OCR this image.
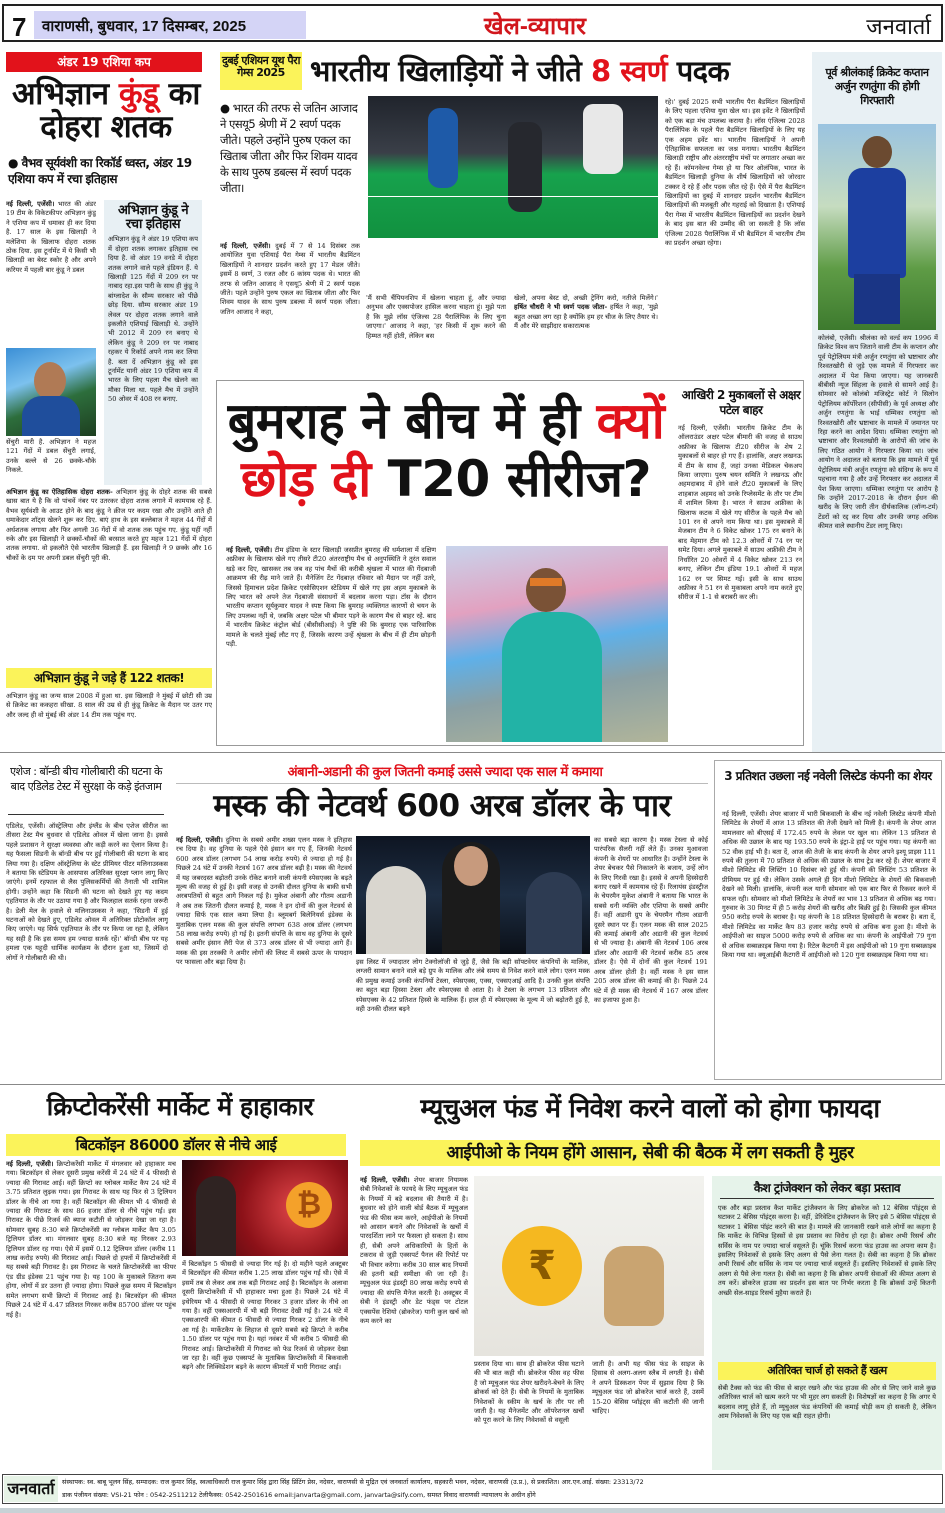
7	वाराणसी, बुधवार, 17 दिसम्बर, 2025	खेल-व्यापार	जनवार्ता
अंडर 19 एशिया कप
अभिज्ञान कुंडू का दोहरा शतक
● वैभव सूर्यवंशी का रिकॉर्ड ध्वस्त, अंडर 19 एशिया कप में रचा इतिहास
नई दिल्ली, एजेंसी। भारत की अंडर 19 टीम के विकेटकीपर अभिज्ञान कुंडू ने एशिया कप में धमाका ही कर दिया है. 17 साल के इस खिलाड़ी ने मलेशिया के खिलाफ दोहरा शतक ठोक दिया. इस टूर्नामेंट में ये किसी भी खिलाड़ी का बेस्ट स्कोर है और अपने करियर में पहली बार कुंडू ने डबल
सेंचुरी मारी है. अभिज्ञान ने महज 121 गेंदों में डबल सेंचुरी लगाई, उनके बल्ले से 26 छक्के-चौके निकले.
अभिज्ञान कुंडू का ऐतिहासिक दोहरा शतक- अभिज्ञान कुंडू के दोहरे शतक की सबसे खास बात ये है कि वो पांचवें नंबर पर उतरकर दोहरा शतक लगाने में कामयाब रहे हैं. वैभव सूर्यवंशी के आउट होने के बाद कुंडू ने क्रीज पर कदम रखा और उन्होंने आते ही धमाकेदार शॉट्स खेलने शुरू कर दिए. बाएं हाथ के इस बल्लेबाज ने महज 44 गेंदों में अर्धशतक लगाया और फिर अगली 36 गेंदों में वो शतक तक पहुंच गए. कुंडू यहीं नहीं रुके और इस खिलाड़ी ने छक्कों-चौकों की बरसात करते हुए महज 121 गेंदों में दोहरा शतक लगाया. वो इकलौते ऐसे भारतीय खिलाड़ी हैं. इस खिलाड़ी ने 9 छक्के और 16 चौकों के दम पर अपनी डबल सेंचुरी पूरी की.
अभिज्ञान कुंडू ने रचा इतिहास
अभिज्ञान कुंडू ने अंडर 19 एशिया कप में दोहरा शतक लगाकर इतिहास रच दिया है. वो अंडर 19 वनडे में दोहरा शतक लगाने वाले पहले इंडियन हैं. ये खिलाड़ी 125 गेंदों में 209 रन पर नाबाद रहा.इस पारी के साथ ही कुंडू ने बांग्लादेश के सौम्य सरकार को पीछे छोड़ दिया. सौम्य सरकार अंडर 19 लेवल पर दोहरा शतक लगाने वाले इकलौते एशियाई खिलाड़ी थे. उन्होंने भी 2012 में 209 रन बनाए थे लेकिन कुंडू ने 209 रन पर नाबाद रहकर ये रिकॉर्ड अपने नाम कर लिया है. बता दें अभिज्ञान कुंडू को इस टूर्नामेंट यानी अंडर 19 एशिया कप में भारत के लिए पहला मैच खेलने का मौका मिला था. पहले मैच में उन्होंने 50 ओवर में 408 रन बनाए.
अभिज्ञान कुंडू ने जड़े हैं 122 शतक!
अभिज्ञान कुंडू का जन्म साल 2008 में हुआ था. इस खिलाड़ी ने मुंबई में छोटी सी उम्र से क्रिकेट का ककहरा सीखा. 8 साल की उम्र से ही कुंडू क्रिकेट के मैदान पर उतर गए और जल्द ही वो मुंबई की अंडर 14 टीम तक पहुंच गए.
दुबई एशियन यूथ पैरा गेम्स 2025 भारतीय खिलाड़ियों ने जीते 8 स्वर्ण पदक
● भारत की तरफ से जतिन आजाद ने एसयू5 श्रेणी में 2 स्वर्ण पदक जीते। पहले उन्होंने पुरुष एकल का खिताब जीता और फिर शिवम यादव के साथ पुरुष डबल्स में स्वर्ण पदक जीता।
नई दिल्ली, एजेंसी। दुबई में 7 से 14 दिसंबर तक आयोजित युवा एशियाई पैरा गेम्स में भारतीय बैडमिंटन खिलाड़ियों ने शानदार प्रदर्शन करते हुए 17 मेडल जीते। इसमें 8 स्वर्ण, 3 रजत और 6 कांस्य पदक थे। भारत की तरफ से जतिन आजाद ने एसयू5 श्रेणी में 2 स्वर्ण पदक जीते। पहले उन्होंने पुरुष एकल का खिताब जीता और फिर शिवम यादव के साथ पुरुष डबल्स में स्वर्ण पदक जीता। जतिन आजाद ने कहा,
'मैं सभी चैंपियनशिप में खेलना चाहता हूं, और ज्यादा अनुभव और एक्सपोजर हासिल करना चाहता हूं। मुझे पता है कि मुझे लॉस एंजिल्स 28 पैरालिंपिक के लिए चुना जाएगा।' आजाद ने कहा, 'हर किसी में शुरू करने की हिम्मत नहीं होती, लेकिन बस
खेलो, अपना बेस्ट दो, अच्छी ट्रेनिंग करो, नतीजे मिलेंगे।' हर्षित चौधरी ने भी स्वर्ण पदक जीता- हर्षित ने कहा, 'मुझे बहुत अच्छा लग रहा है क्योंकि हम हर चीज के लिए तैयार थे। मैं और मेरे साझीदार सकारात्मक
रहे।' दुबई 2025 सभी भारतीय पैरा बैडमिंटन खिलाड़ियों के लिए पहला एशिया युवा खेल था। इस इवेंट ने खिलाड़ियों को एक बड़ा मंच उपलब्ध कराया है। लॉस एंजिल्स 2028 पैरालिंपिक के पहले पैरा बैडमिंटन खिलाड़ियों के लिए यह एक अहम इवेंट था। भारतीय खिलाड़ियों ने अपनी ऐतिहासिक सफलता का जश्न मनाया। भारतीय बैडमिंटन खिलाड़ी राष्ट्रीय और अंतरराष्ट्रीय मंचों पर लगातार अच्छा कर रहे हैं। कॉमनवेल्थ गेम्स हो या फिर ओलंपिक, भारत के बैडमिंटन खिलाड़ी दुनिया के शीर्ष खिलाड़ियों को जोरदार टक्कर दे रहे हैं और पदक जीत रहे हैं। ऐसे में पैरा बैडमिंटन खिलाड़ियों का दुबई में शानदार प्रदर्शन भारतीय बैडमिंटन खिलाड़ियों की मजबूती और गहराई को दिखाता है। एशियाई पैरा गेम्स में भारतीय बैडमिंटन खिलाड़ियों का प्रदर्शन देखने के बाद इस बात की उम्मीद की जा सकती है कि लॉस एंजिल्स 2028 पैरालिंपिक में भी बैडमिंटन में भारतीय टीम का प्रदर्शन अच्छा रहेगा।
पूर्व श्रीलंकाई क्रिकेट कप्तान अर्जुन रणतुंगा की होगी गिरफ्तारी
कोलंबो, एजेंसी। श्रीलंका को वर्ल्ड कप 1996 में क्रिकेट विश्व कप जिताने वाली टीम के कप्तान और पूर्व पेट्रोलियम मंत्री अर्जुन रणतुंगा को भ्रष्टाचार और रिश्वतखोरी से जुड़े एक मामले में गिरफ्तार कर अदालत में पेश किया जाएगा। यह जानकारी बीबीसी न्यूज सिंहला के हवाले से सामने आई है। सोमवार को कोलंबो मजिस्ट्रेट कोर्ट ने सिलोन पेट्रोलियम कॉर्पोरेशन (सीपीसी) के पूर्व अध्यक्ष और अर्जुन रणतुंगा के भाई धम्मिका रणतुंगा को रिश्वतखोरी और भ्रष्टाचार के मामले में जमानत पर रिहा करने का आदेश दिया। धम्मिका रणतुंगा को भ्रष्टाचार और रिश्वतखोरी के आरोपों की जांच के लिए गठित आयोग ने गिरफ्तार किया था। जांच आयोग ने अदालत को बताया कि इस मामले में पूर्व पेट्रोलियम मंत्री अर्जुन रणतुंगा को संदिग्ध के रूप में पहचाना गया है और उन्हें गिरफ्तार कर अदालत में पेश किया जाएगा। धम्मिका रणतुंगा पर आरोप है कि उन्होंने 2017-2018 के दौरान ईंधन की खरीद के लिए जारी तीन दीर्घकालिक (लॉन्ग-टर्म) टेंडरों को रद्द कर दिया और उनकी जगह अधिक कीमत वाले स्थानीय टेंडर लागू किए।
बुमराह ने बीच में ही क्यों
छोड़ दी T20 सीरीज?
नई दिल्ली, एजेंसी। टीम इंडिया के स्टार खिलाड़ी जसप्रीत बुमराह की धर्मशाला में दक्षिण अफ्रीका के खिलाफ खेले गए तीसरे टी20 अंतरराष्ट्रीय मैच से अनुपस्थिति ने तुरंत सवाल खड़े कर दिए, खासकर तब जब वह पांच मैचों की करीबी श्रृंखला में भारत की गेंदबाजी आक्रमण की रीढ़ माने जाते हैं। मैनेजिंग टेंट गेंदबाज़ रविवार को मैदान पर नहीं उतरे, जिससे हिमाचल प्रदेश क्रिकेट एसोसिएशन स्टेडियम में खेले गए इस अहम मुकाबले के लिए भारत को अपने तेज गेंदबाजी संसाधनों में बदलाव करना पड़ा। टॉस के दौरान भारतीय कप्तान सूर्यकुमार यादव ने स्पष्ट किया कि बुमराह व्यक्तिगत कारणों से चयन के लिए उपलब्ध नहीं थे, जबकि अक्षर पटेल भी बीमार पड़ने के कारण मैच से बाहर रहे. बाद में भारतीय क्रिकेट कंट्रोल बोर्ड (बीसीसीआई) ने पुष्टि की कि बुमराह एक पारिवारिक मामले के चलते मुंबई लौट गए हैं, जिसके कारण उन्हें श्रृंखला के बीच में ही टीम छोड़नी पड़ी.
आखिरी 2 मुकाबलों से अक्षर पटेल बाहर
नई दिल्ली, एजेंसी। भारतीय क्रिकेट टीम के ऑलराउंडर अक्षर पटेल बीमारी की वजह से साउथ अफ्रीका के खिलाफ टी20 सीरीज के शेष 2 मुकाबलों से बाहर हो गए हैं। हालांकि, अक्षर लखनऊ में टीम के साथ हैं, जहां उनका मेडिकल चेकअप किया जाएगा। पुरुष चयन समिति ने लखनऊ और अहमदाबाद में होने वाले टी20 मुकाबलों के लिए शाहबाज अहमद को उनके रिप्लेसमेंट के तौर पर टीम में शामिल किया है। भारत ने साउथ अफ्रीका के खिलाफ कटक में खेले गए सीरीज के पहले मैच को 101 रन से अपने नाम किया था। इस मुकाबले में मेजबान टीम ने 6 विकेट खोकर 175 रन बनाने के बाद मेहमान टीम को 12.3 ओवरों में 74 रन पर समेट दिया। अगले मुकाबले में साउथ अफ्रीकी टीम ने निर्धारित 20 ओवरों में 4 विकेट खोकर 213 रन बनाए, लेकिन टीम इंडिया 19.1 ओवरों में महज 162 रन पर सिमट गई। इसी के साथ साउथ अफ्रीका ने 51 रन से मुकाबला अपने नाम करते हुए सीरीज में 1-1 से बराबरी कर ली।
एशेज : बॉन्डी बीच गोलीबारी की घटना के बाद एडिलेड टेस्ट में सुरक्षा के कड़े इंतजाम
एडिलेड, एजेंसी। ऑस्ट्रेलिया और इंग्लैंड के बीच एशेज सीरीज का तीसरा टेस्ट मैच बुधवार से एडिलेड ओवल में खेला जाना है। इससे पहले प्रशासन ने सुरक्षा व्यवस्था और कड़ी करने का ऐलान किया है। यह फैसला सिडनी के बॉन्डी बीच पर हुई गोलीबारी की घटना के बाद लिया गया है। दक्षिण ऑस्ट्रेलिया के स्टेट प्रीमियर पीटर मलिनाउस्कस ने बताया कि स्टेडियम के आसपास अतिरिक्त सुरक्षा प्लान लागू किए जाएंगे। इनमें रहफाल से लैस पुलिसकर्मियों की तैनाती भी शामिल होगी। उन्होंने कहा कि सिडनी की घटना को देखते हुए यह कदम एहतियात के तौर पर उठाया गया है और फिलहाल सतर्क रहना जरूरी है। डेली मेल के हवाले से मलिनाउस्कस ने कहा, 'सिडनी में हुई घटनाओं को देखते हुए, एडिलेड ओवल में अतिरिक्त प्रोटोकॉल लागू किए जाएंगे। यह सिर्फ एहतियात के तौर पर किया जा रहा है, लेकिन यह सही है कि इस समय हम ज्यादा सतर्क रहें।' बॉन्डी बीच पर यह हमला एक यहूदी धार्मिक कार्यक्रम के दौरान हुआ था, जिसमें दो लोगों ने गोलीबारी की थी।
अंबानी-अडानी की कुल जितनी कमाई उससे ज्यादा एक साल में कमाया
मस्क की नेटवर्थ 600 अरब डॉलर के पार
नई दिल्ली, एजेंसी। दुनिया के सबसे अमीर शख्स एलन मस्क ने इतिहास रच दिया है। वह दुनिया के पहले ऐसे इंसान बन गए हैं, जिनकी नेटवर्थ 600 अरब डॉलर (लगभग 54 लाख करोड़ रुपये) से ज्यादा हो गई है। पिछले 24 घंटे में उनकी नेटवर्थ 167 अरब डॉलर बढ़ी है। मस्क की नेटवर्थ में यह जबरदस्त बढ़ोतरी उनके रॉकेट बनाने वाली कंपनी स्पेसएक्स के बढ़ते मूल्य की वजह से हुई है। इसी वजह से उनकी दौलत दुनिया के बाकी सभी अरबपतियों से बहुत आगे निकल गई है। मुकेश अंबानी और गौतम अडानी ने अब तक जितनी दौलत कमाई है, मस्क ने इन दोनों की कुल नेटवर्थ से ज्यादा सिर्फ एक साल कमा लिया है। ब्लूमबर्ग बिलेनियर्स इंडेक्स के मुताबिक एलन मस्क की कुल संपत्ति लगभग 638 अरब डॉलर (लगभग 58 लाख करोड़ रुपये) हो गई है। इतनी संपत्ति के साथ वह दुनिया के दूसरे सबसे अमीर इंसान लैरी पेज से 373 अरब डॉलर से भी ज्यादा आगे हैं। मस्क की इस तरक्की ने अमीर लोगों की लिस्ट में सबसे ऊपर के पायदान पर फासला और बढ़ा दिया है।	इस लिस्ट में ज्यादातर लोग टेक्नोलॉजी से जुड़े हैं, जैसे कि बड़ी सॉफ्टवेयर कंपनियों के मालिक, लग्जरी सामान बनाने वाले बड़े ग्रुप के मालिक और लंबे समय से निवेश करने वाले लोग। एलन मस्क की प्रमुख कमाई उनकी कंपनियों टेस्ला, स्पेसएक्स, एक्स, एक्सएआई आदि है। उनकी कुल संपत्ति का बहुत बड़ा हिस्सा टेस्ला और स्पेसएक्स से आता है। वे टेस्ला के लगभग 13 प्रतिशत और स्पेसएक्स के 42 प्रतिशत हिस्से के मालिक हैं। हाल ही में स्पेसएक्स के मूल्य में जो बढ़ोतरी हुई है, वही उनकी दौलत बढ़ने
का सबसे बड़ा कारण है। मस्क टेस्ला से कोई पारंपरिक सैलरी नहीं लेते हैं। उनका मुआवजा कंपनी के शेयरों पर आधारित है। उन्होंने टेस्ला के शेयर बेचकर पैसे निकालने के बजाय, उन्हें लोन के लिए गिरवी रखा है। इससे वे अपनी हिस्सेदारी बनाए रखने में कामयाब रहे हैं। रिलायंस इंडस्ट्रीज के चेयरमैन मुकेश अंबानी ने बताया कि भारत के सबसे धनी व्यक्ति और एशिया के सबसे अमीर हैं। वहीं अडानी ग्रुप के चेयरमैन गौतम अडानी दूसरे स्थान पर हैं। एलन मस्क की साल 2025 की कमाई अंबानी और अडानी की कुल नेटवर्थ से भी ज्यादा है। अंबानी की नेटवर्थ 106 अरब डॉलर और अडानी की नेटवर्थ करीब 85 अरब डॉलर है। ऐसे में दोनों की कुल नेटवर्थ 191 अरब डॉलर होती है। वहीं मस्क ने इस साल 205 अरब डॉलर की कमाई की है। पिछले 24 घंटे में ही मस्क की नेटवर्थ में 167 अरब डॉलर का इजाफा हुआ है।
3 प्रतिशत उछला नई नवेली लिस्टेड कंपनी का शेयर
नई दिल्ली, एजेंसी। शेयर बाजार में भारी बिकवाली के बीच नई नवेली लिस्टेड कंपनी मीशो लिमिटेड के शेयरों में आज 13 प्रतिशत की तेजी देखने को मिली है। कंपनी के शेयर आज मामलवार को बीएसई में 172.45 रुपये के लेवल पर खुल था। लेकिन 13 प्रतिशत से अधिक की उछाल के बाद यह 193.50 रुपये के इंट्रा-डे हाई पर पहुंच गया। यह कंपनी का 52 वीक हाई भी है। बता दें, आज की तेजी के बाद कंपनी के शेयर अपने इश्यू प्राइस 111 रुपये की तुलना में 70 प्रतिशत से अधिक की उछाल के साथ ट्रेड कर रहे हैं। शेयर बाजार में मीशो लिमिटेड की लिस्टिंग 10 दिसंबर को हुई थी। कंपनी की लिस्टिंग 53 प्रतिशत के प्रीमियम पर हुई थी। लेकिन उसके अगले ही दिन मीशो लिमिटेड के शेयरों की बिकवाली देखने को मिली। हालांकि, कंपनी कल यानी सोमवार को एक बार फिर से रिकवर करने में सफल रही। सोमवार को मीशो लिमिटेड के शेयरों का भाव 13 प्रतिशत से अधिक बढ़ गया। गुरुवार के 30 मिनट में ही 5 करोड़ शेयरों की खरीद और बिक्री हुई है। जिसकी कुल कीमत 950 करोड़ रुपये के बराबर है। यह कंपनी के 18 प्रतिशत हिस्सेदारी के बराबर है। बता दें, मीशो लिमिटेड का मार्केट कैप 83 हजार करोड़ रुपये से अधिक बना हुआ है। मीशो के आईपीओ का साइज 5000 करोड़ रुपये से अधिक का था। कंपनी के आईपीओ 79 गुना से अधिक सब्सक्राइब किया गया है। रिटेल कैटगरी में इस आईपीओ को 19 गुना सब्सक्राइब किया गया था। क्यूआईबी कैटगरी में आईपीओ को 120 गुना सब्सक्राइब किया गया था।
क्रिप्टोकरेंसी मार्केट में हाहाकार
बिटकॉइन 86000 डॉलर से नीचे आई
नई दिल्ली, एजेंसी। क्रिप्टोकरेंसी मार्केट में मंगलवार को हाहाकार मच गया। बिटकॉइन से लेकर दूसरी प्रमुख करेंसी में 24 घंटे में 4 फीसदी से ज्यादा की गिरावट आई। वहीं क्रिप्टो का ग्लोबल मार्केट कैप 24 घंटे में 3.75 प्रतिशत लुढ़क गया। इस गिरावट के साथ यह फिर से 3 ट्रिलियन डॉलर के नीचे आ गया है। वहीं बिटकॉइन की कीमत भी 4 फीसदी से ज्यादा की गिरावट के साथ 86 हजार डॉलर से नीचे पहुंच गई। इस गिरावट के पीछे रिजर्व की ब्याज कटौती से जोड़कर देखा जा रहा है। सोमवार सुबह 8:30 बजे क्रिप्टोकरेंसी का ग्लोबल मार्केट कैप 3.05 ट्रिलियन डॉलर था। मंगलवार सुबह 8:30 बजे यह गिरकर 2.93 ट्रिलियन डॉलर रह गया। ऐसे में इसमें 0.12 ट्रिलियन डॉलर (करीब 11 लाख करोड़ रुपये) की गिरावट आई। पिछले दो हफ्तों में क्रिप्टोकरेंसी में यह सबसे बड़ी गिरावट है। इस गिरावट के चलते क्रिप्टोकरेंसी का फीयर एंड ग्रीड इंडेक्स 21 पहुंच गया है। यह 100 के मुकाबले जितना कम होगा, लोगों में डर उतना ही ज्यादा होगा। पिछले कुछ समय में बिटकॉइन समेत लगभग सभी क्रिप्टो में गिरावट आई है। बिटकॉइन की कीमत पिछले 24 घंटे में 4.47 प्रतिशत गिरकर करीब 85700 डॉलर पर पहुंच गई है।
₿
में बिटकॉइन 5 फीसदी से ज्यादा गिर गई है। दो महीने पहले अक्टूबर में बिटकॉइन की कीमत करीब 1.25 लाख डॉलर पहुंच गई थी। ऐसे में इसमें तब से लेकर अब तक बड़ी गिरावट आई है। बिटकॉइन के अलावा दूसरी क्रिप्टोकरेंसी में भी हाहाकार मचा हुआ है। पिछले 24 घंटे में इथेरियम भी 4 फीसदी से ज्यादा गिरकर 3 हजार डॉलर के नीचे आ गया है। वहीं एक्सआरपी में भी बड़ी गिरावट देखी गई है। 24 घंटे में एक्सआरपी की कीमत 6 फीसदी से ज्यादा गिरकर 2 डॉलर के नीचे आ गई है। मार्केटकैप के लिहाज से दूसरे सबसे बड़े क्रिप्टो ने करीब 1.50 डॉलर पर पहुंच गया है। यहां नवंबर में भी करीब 5 फीसदी की गिरावट आई। क्रिप्टोकरेंसी में गिरावट को फेड रिजर्व से जोड़कर देखा जा रहा है। वहीं कुछ एक्सपर्ट के मुताबिक क्रिप्टोकरेंसी में बिकवाली बढ़ने और लिक्विडेशन बढ़ने के कारण कीमतों में भारी गिरावट आई।
म्यूचुअल फंड में निवेश करने वालों को होगा फायदा
आईपीओ के नियम होंगे आसान, सेबी की बैठक में लग सकती है मुहर
नई दिल्ली, एजेंसी। शेयर बाजार नियामक सेबी निवेशकों के फायदे के लिए म्यूचुअल फंड के नियमों में बड़े बदलाव की तैयारी में है। बुधवार को होने वाली बोर्ड बैठक में म्यूचुअल फंड की फीस कम करने, आईपीओ के नियमों को आसान बनाने और निवेशकों के खर्चों में पारदर्शिता लाने पर फैसला हो सकता है। साथ ही, सेबी अपने अधिकारियों के हितों के टकराव से जुड़ी एक्सपर्ट पैनल की रिपोर्ट पर भी विचार करेगा। करीब 30 साल बाद नियमों की इतनी बड़ी समीक्षा की जा रही है। म्यूचुअल फंड इंडस्ट्री 80 लाख करोड़ रुपये से ज्यादा की संपत्ति मैनेज करती है। अक्टूबर में सेबी ने इंडस्ट्री और डेट फंड्स पर टोटल एक्सपेंस रेशियो (ब्रोकरेज) यानी कुल खर्च को कम करने का
₹
प्रस्ताव दिया था। साथ ही ब्रोकरेज फीस घटाने की भी बात कही थी। ब्रोकरेज फीस वह फीस है जो म्यूचुअल फंड शेयर खरीदने-बेचने के लिए ब्रोकर्स को देते हैं। सेबी के नियमों के मुताबिक निवेशकों के स्कीम के खर्च के तौर पर ली जाती है। यह मैनेजमेंट और ऑपरेशनल खर्चों को पूरा करने के लिए निवेशकों से वसूली
जाती है। अभी यह फीस फंड के साइज के हिसाब से अलग-अलग स्लैब में लगती है। सेबी ने अपने डिस्कशन पेपर में सुझाव दिया है कि म्यूचुअल फंड जो ब्रोकरेज चार्ज करते हैं, उसमें 15-20 बेसिस प्वॉइंट्स की कटौती की जानी चाहिए।
कैश ट्रांजेक्शन को लेकर बड़ा प्रस्ताव
एक और बड़ा प्रस्ताव कैश मार्केट ट्रांजैक्शन के लिए ब्रोकरेज को 12 बेसिस पॉइंट्स से घटाकर 2 बेसिस पॉइंट्स करना है। वहीं, डेरिवेटिव ट्रांजैक्शन के लिए इसे 5 बेसिस पॉइंट्स से घटाकर 1 बेसिस पॉइंट करने की बात है। मामले की जानकारी रखने वाले लोगों का कहना है कि मार्केट के विभिन्न हिस्सों से इस प्रस्ताव का विरोध हो रहा है। ब्रोकर अभी रिसर्च और सर्विस के नाम पर ज्यादा चार्ज वसूलते हैं। चूंकि रिसर्च करना फंड हाउस का अपना काम है। इसलिए निवेशकों से इसके लिए अलग से पैसे लेना गलत है। सेबी का कहना है कि ब्रोकर अभी रिसर्च और सर्विस के नाम पर ज्यादा चार्ज वसूलते हैं। इसलिए निवेशकों से इसके लिए अलग से पैसे लेना गलत है। सेबी का कहना है कि ब्रोकर अपनी सेवाओं की कीमत अलग से तय करें। ब्रोकरेज हाउस का प्रदर्शन इस बात पर निर्भर करता है कि ब्रोकर्स उन्हें कितनी अच्छी सेल-साइड रिसर्च मुहैया कराते हैं।
अतिरिक्त चार्ज हो सकते हैं खत्म
सेबी टैक्स को फंड की फीस से बाहर रखने और फंड हाउस की ओर से लिए जाने वाले कुछ अतिरिक्त चार्ज को खत्म करने पर भी मुहर लग सकती है। विशेषज्ञों का कहना है कि अगर ये बदलाव लागू होते हैं, तो म्यूचुअल फंड कंपनियों की कमाई थोड़ी कम हो सकती है, लेकिन आम निवेशकों के लिए यह एक बड़ी राहत होगी।
जनवार्ता	संस्थापक: स्व. बाबू भूलन सिंह, सम्पादक: राज कुमार सिंह, स्वत्वाधिकारी राज कुमार सिंह द्वारा सिंह प्रिंटिंग प्रेस, नदेसर, वाराणसी से मुद्रित एवं जनवार्ता कार्यालय, सहकारी भवन, नदेसर, वाराणसी (उ.प्र.), से प्रकाशित। आर.एन.आई. संख्या: 23313/72
डाक पंजीयन संख्या: VSI-21 फोन : 0542-2511212 टेलीफैक्स: 0542-2501616 email:janvarta@gmail.com, janvarta@sify.com, समस्त विवाद वाराणसी न्यायालय के अधीन होंगे
